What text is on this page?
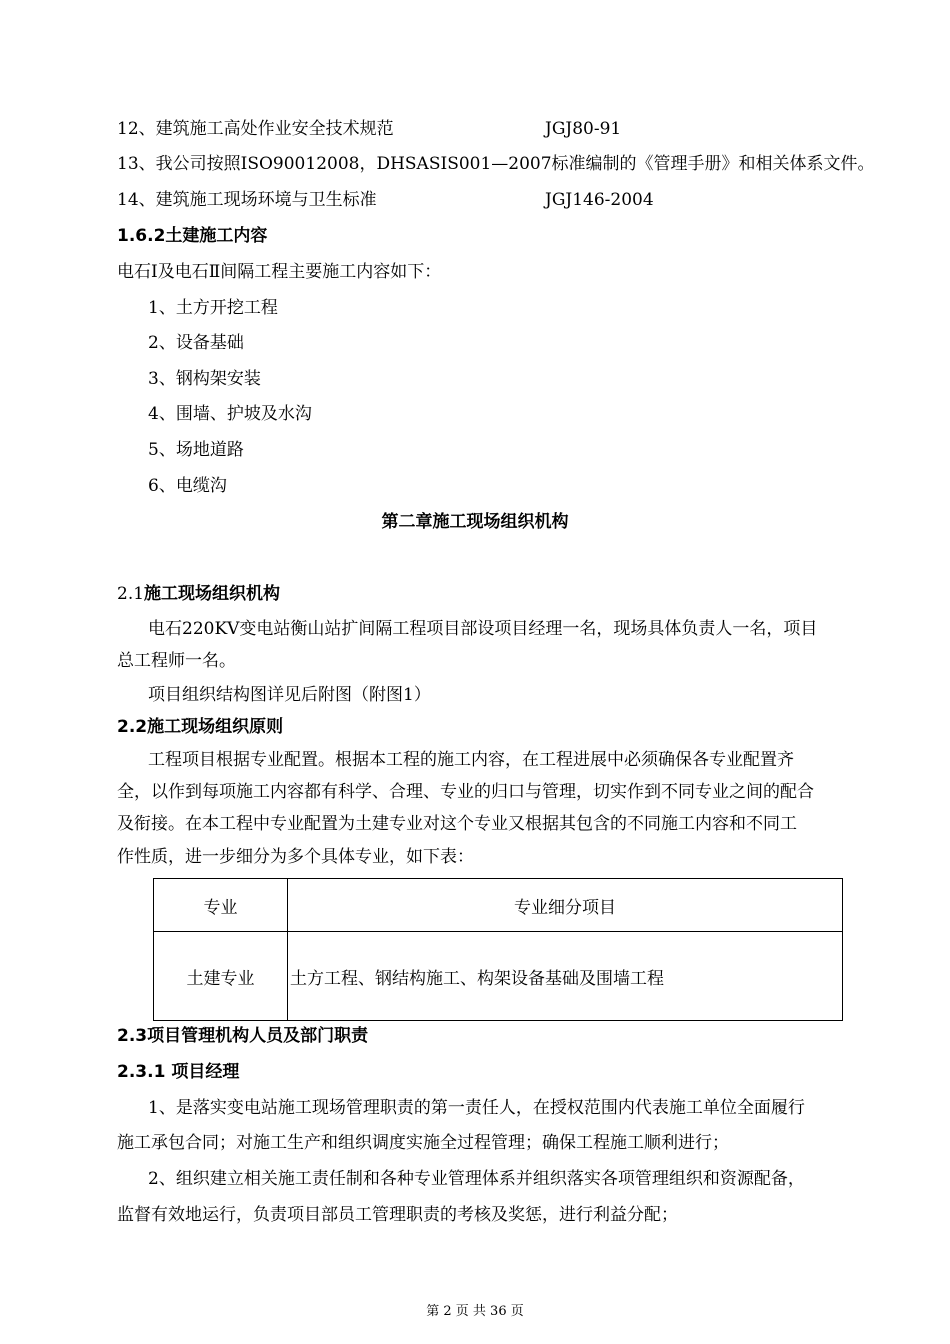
12、建筑施工高处作业安全技术规范	JGJ80-91
13、我公司按照ISO90012008，DHSASIS001—2007标准编制的《管理手册》和相关体系文件。
14、建筑施工现场环境与卫生标准	JGJ146-2004
1.6.2土建施工内容
电石Ⅰ及电石Ⅱ间隔工程主要施工内容如下：
1、土方开挖工程
2、设备基础
3、钢构架安装
4、围墙、护坡及水沟
5、场地道路
6、电缆沟
第二章施工现场组织机构
2.1施工现场组织机构
电石220KV变电站衡山站扩间隔工程项目部设项目经理一名，现场具体负责人一名，项目
总工程师一名。
项目组织结构图详见后附图（附图1）
2.2施工现场组织原则
工程项目根据专业配置。根据本工程的施工内容，在工程进展中必须确保各专业配置齐
全，以作到每项施工内容都有科学、合理、专业的归口与管理，切实作到不同专业之间的配合
及衔接。在本工程中专业配置为土建专业对这个专业又根据其包含的不同施工内容和不同工
作性质，进一步细分为多个具体专业，如下表：
专业	专业细分项目
土建专业	土方工程、钢结构施工、构架设备基础及围墙工程
2.3项目管理机构人员及部门职责
2.3.1 项目经理
1、是落实变电站施工现场管理职责的第一责任人，在授权范围内代表施工单位全面履行
施工承包合同；对施工生产和组织调度实施全过程管理；确保工程施工顺利进行；
2、组织建立相关施工责任制和各种专业管理体系并组织落实各项管理组织和资源配备，
监督有效地运行，负责项目部员工管理职责的考核及奖惩，进行利益分配；
第 2 页 共 36 页
